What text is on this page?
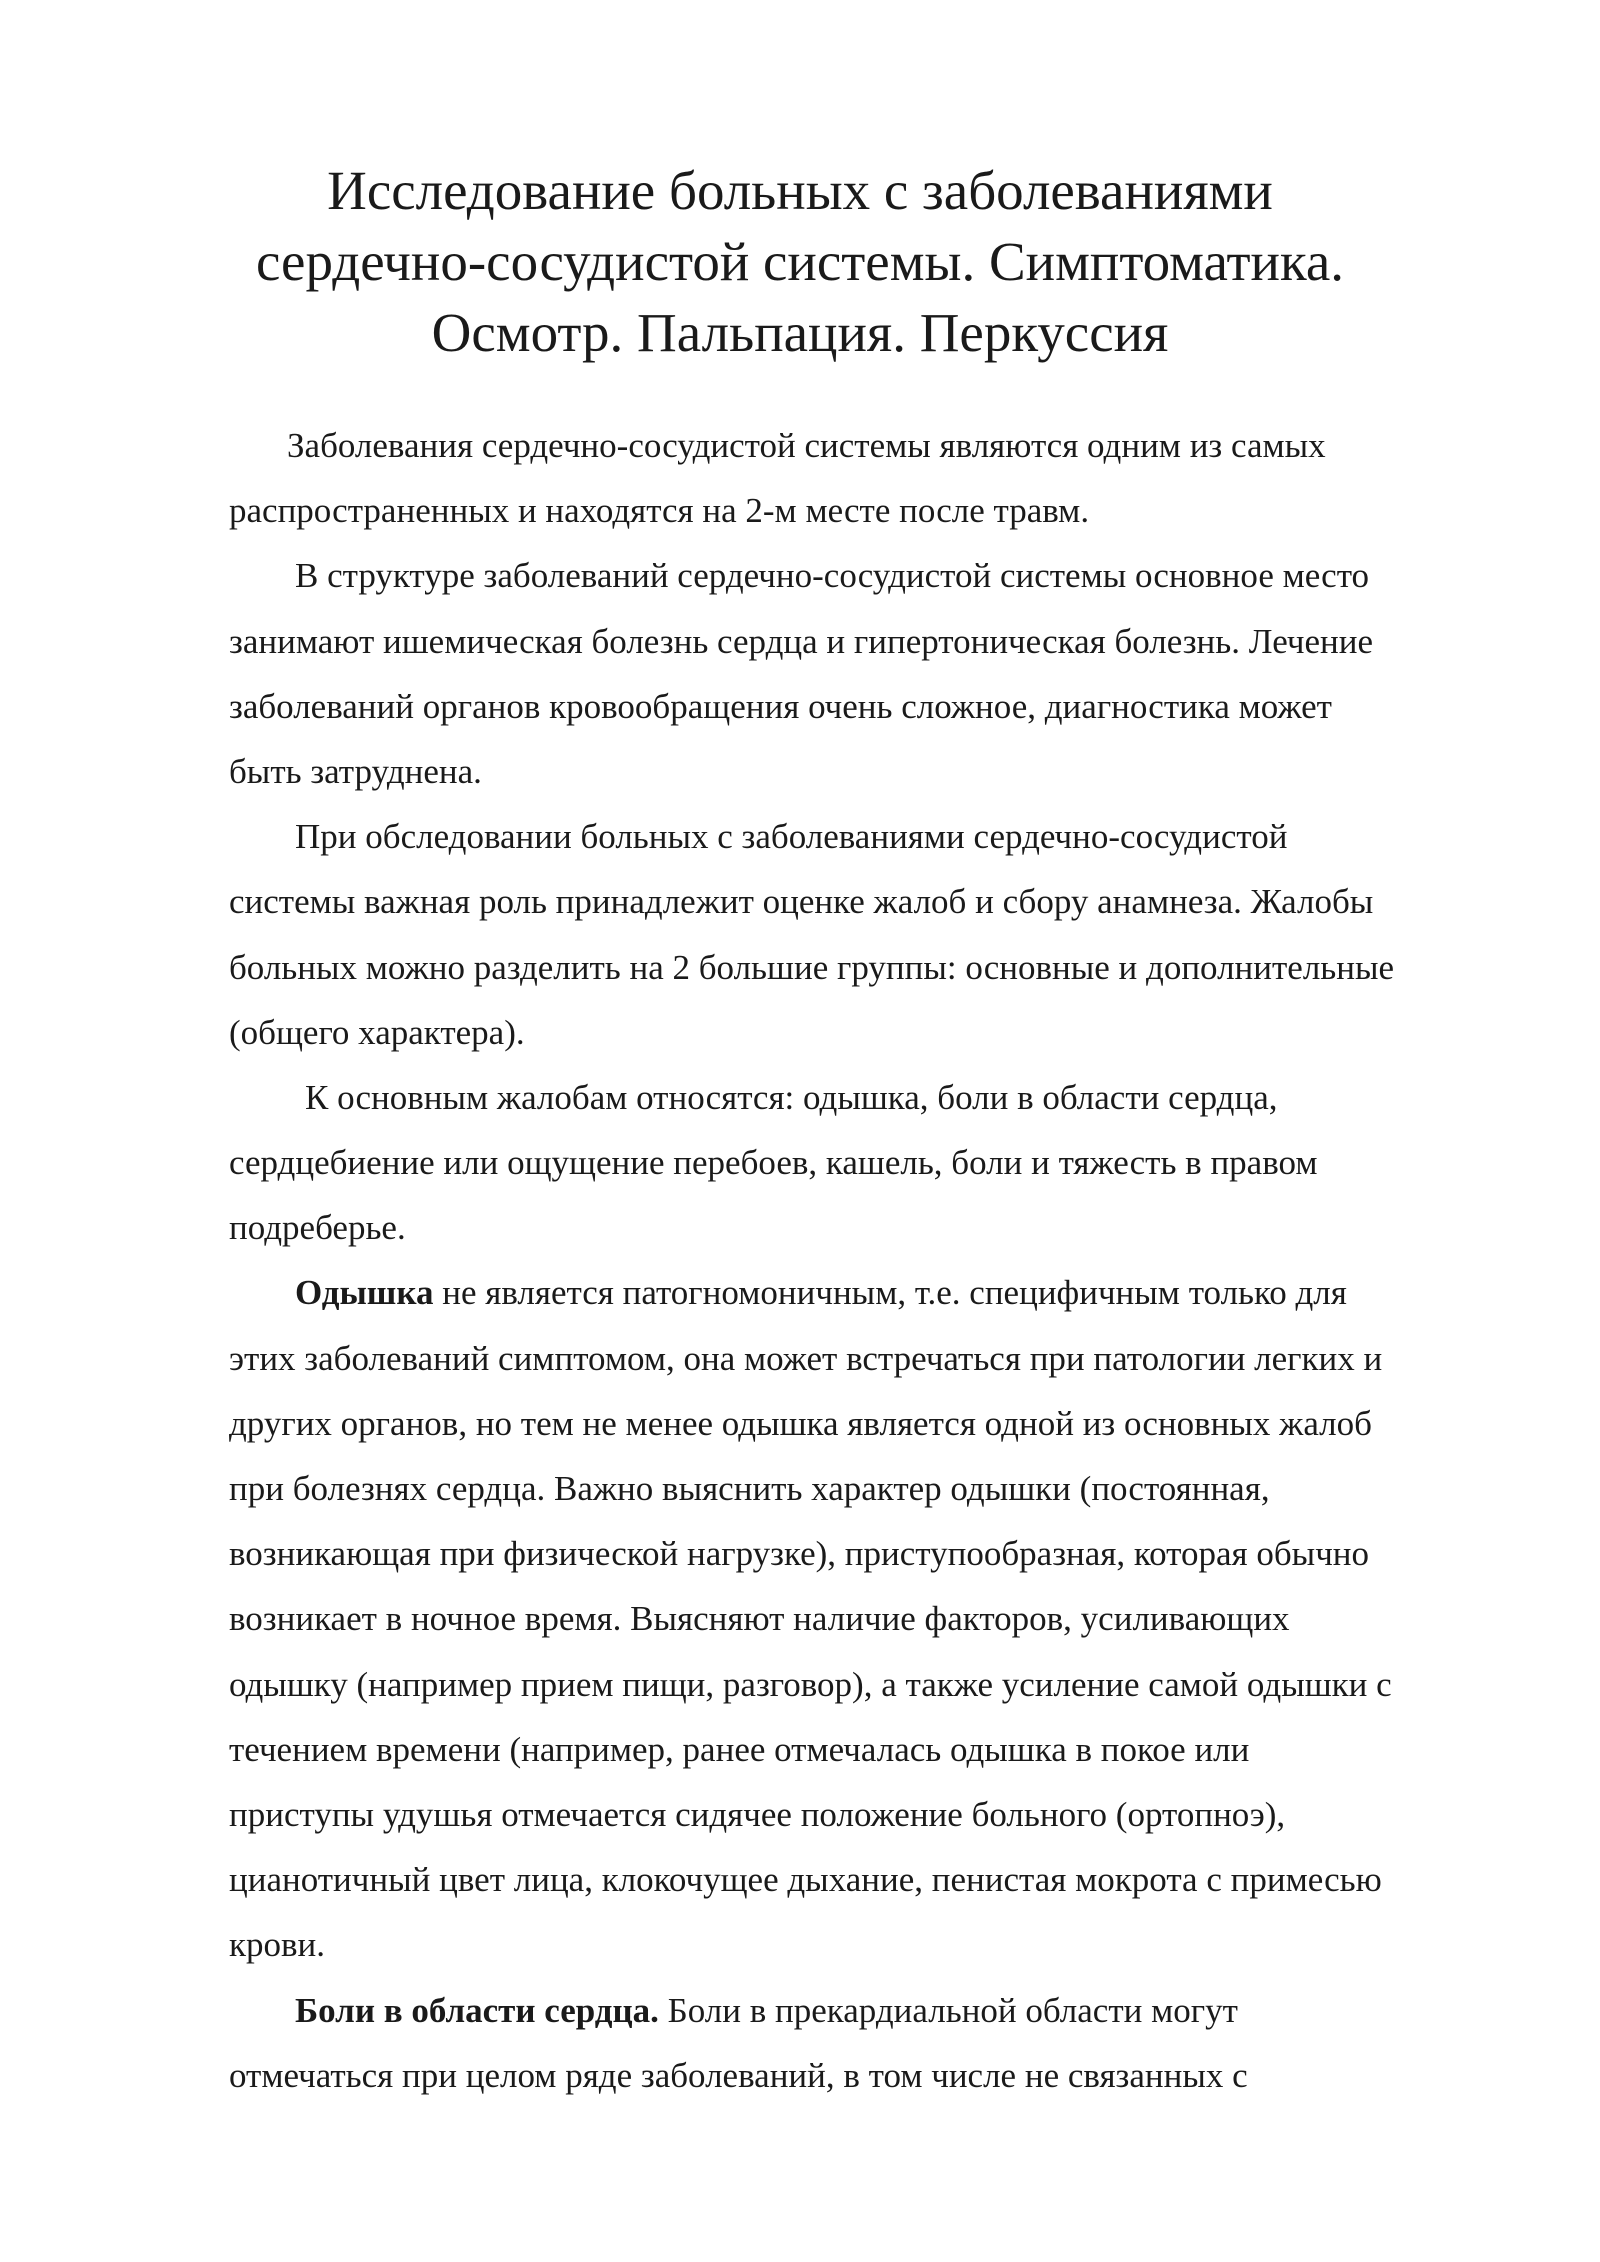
Исследование больных с заболеваниями
сердечно-сосудистой системы. Симптоматика.
Осмотр. Пальпация. Перкуссия
Заболевания сердечно-сосудистой системы являются одним из самых
распространенных и находятся на 2-м месте после травм.
В структуре заболеваний сердечно-сосудистой системы основное место
занимают ишемическая болезнь сердца и гипертоническая болезнь. Лечение
заболеваний органов кровообращения очень сложное, диагностика может
быть затруднена.
При обследовании больных с заболеваниями сердечно-сосудистой
системы важная роль принадлежит оценке жалоб и сбору анамнеза. Жалобы
больных можно разделить на 2 большие группы: основные и дополнительные
(общего характера).
К основным жалобам относятся: одышка, боли в области сердца,
сердцебиение или ощущение перебоев, кашель, боли и тяжесть в правом
подреберье.
Одышка не является патогномоничным, т.е. специфичным только для
этих заболеваний симптомом, она может встречаться при патологии легких и
других органов, но тем не менее одышка является одной из основных жалоб
при болезнях сердца. Важно выяснить характер одышки (постоянная,
возникающая при физической нагрузке), приступообразная, которая обычно
возникает в ночное время. Выясняют наличие факторов, усиливающих
одышку (например прием пищи, разговор), а также усиление самой одышки с
течением времени (например, ранее отмечалась одышка в покое или
приступы удушья отмечается сидячее положение больного (ортопноэ),
цианотичный цвет лица, клокочущее дыхание, пенистая мокрота с примесью
крови.
Боли в области сердца. Боли в прекардиальной области могут
отмечаться при целом ряде заболеваний, в том числе не связанных с
